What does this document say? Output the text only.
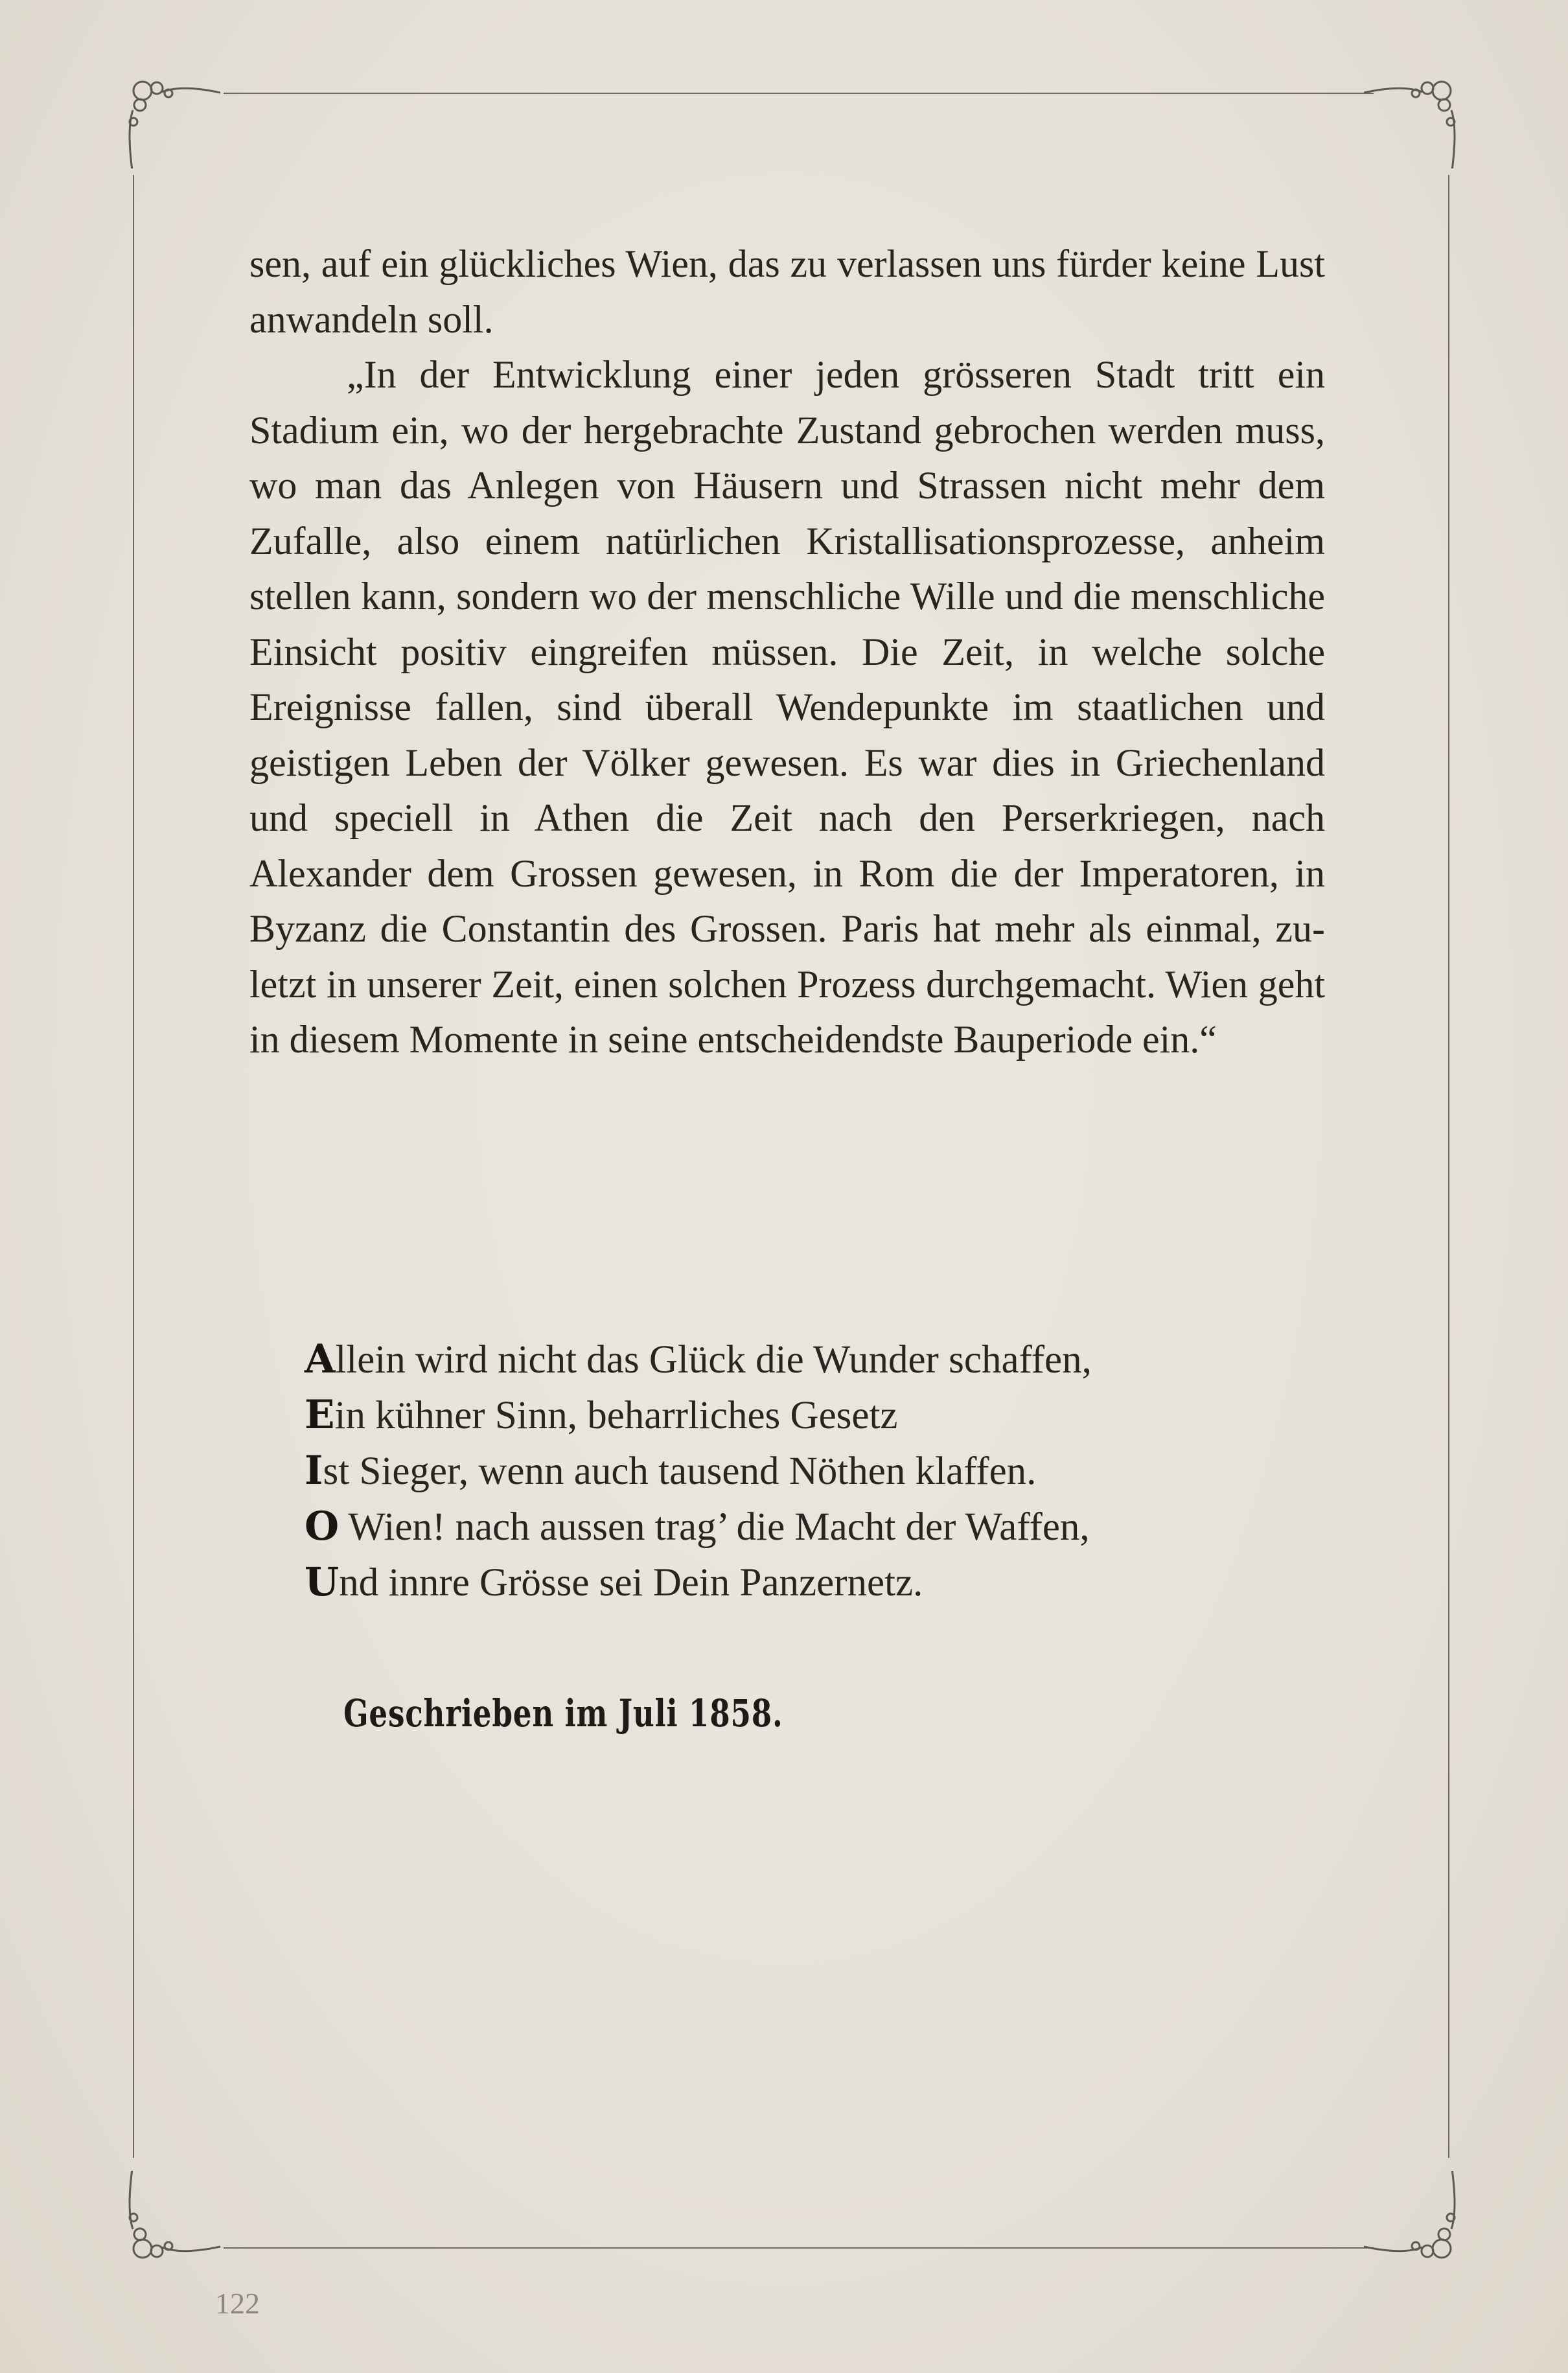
sen, auf ein glückliches Wien, das zu verlassen uns fürder keine Lust anwandeln soll.

„In der Entwicklung einer jeden grösseren Stadt tritt ein Stadium ein, wo der hergebrachte Zustand gebrochen werden muss, wo man das Anlegen von Häusern und Strassen nicht mehr dem Zufalle, also einem natürlichen Kristallisationsprozesse, anheim stellen kann, sondern wo der menschliche Wille und die menschliche Einsicht positiv eingreifen müssen. Die Zeit, in welche solche Ereignisse fallen, sind überall Wendepunkte im staatlichen und geistigen Leben der Völker gewesen. Es war dies in Griechenland und speciell in Athen die Zeit nach den Perserkriegen, nach Alexander dem Grossen gewesen, in Rom die der Imperatoren, in Byzanz die Constantin des Grossen. Paris hat mehr als einmal, zuletzt in unserer Zeit, einen solchen Prozess durchgemacht. Wien geht in diesem Momente in seine entscheidendste Bauperiode ein.“

Allein wird nicht das Glück die Wunder schaffen,
Ein kühner Sinn, beharrliches Gesetz
Ist Sieger, wenn auch tausend Nöthen klaffen.
O Wien! nach aussen trag’ die Macht der Waffen,
Und innre Grösse sei Dein Panzernetz.
Geschrieben im Juli 1858.
122
